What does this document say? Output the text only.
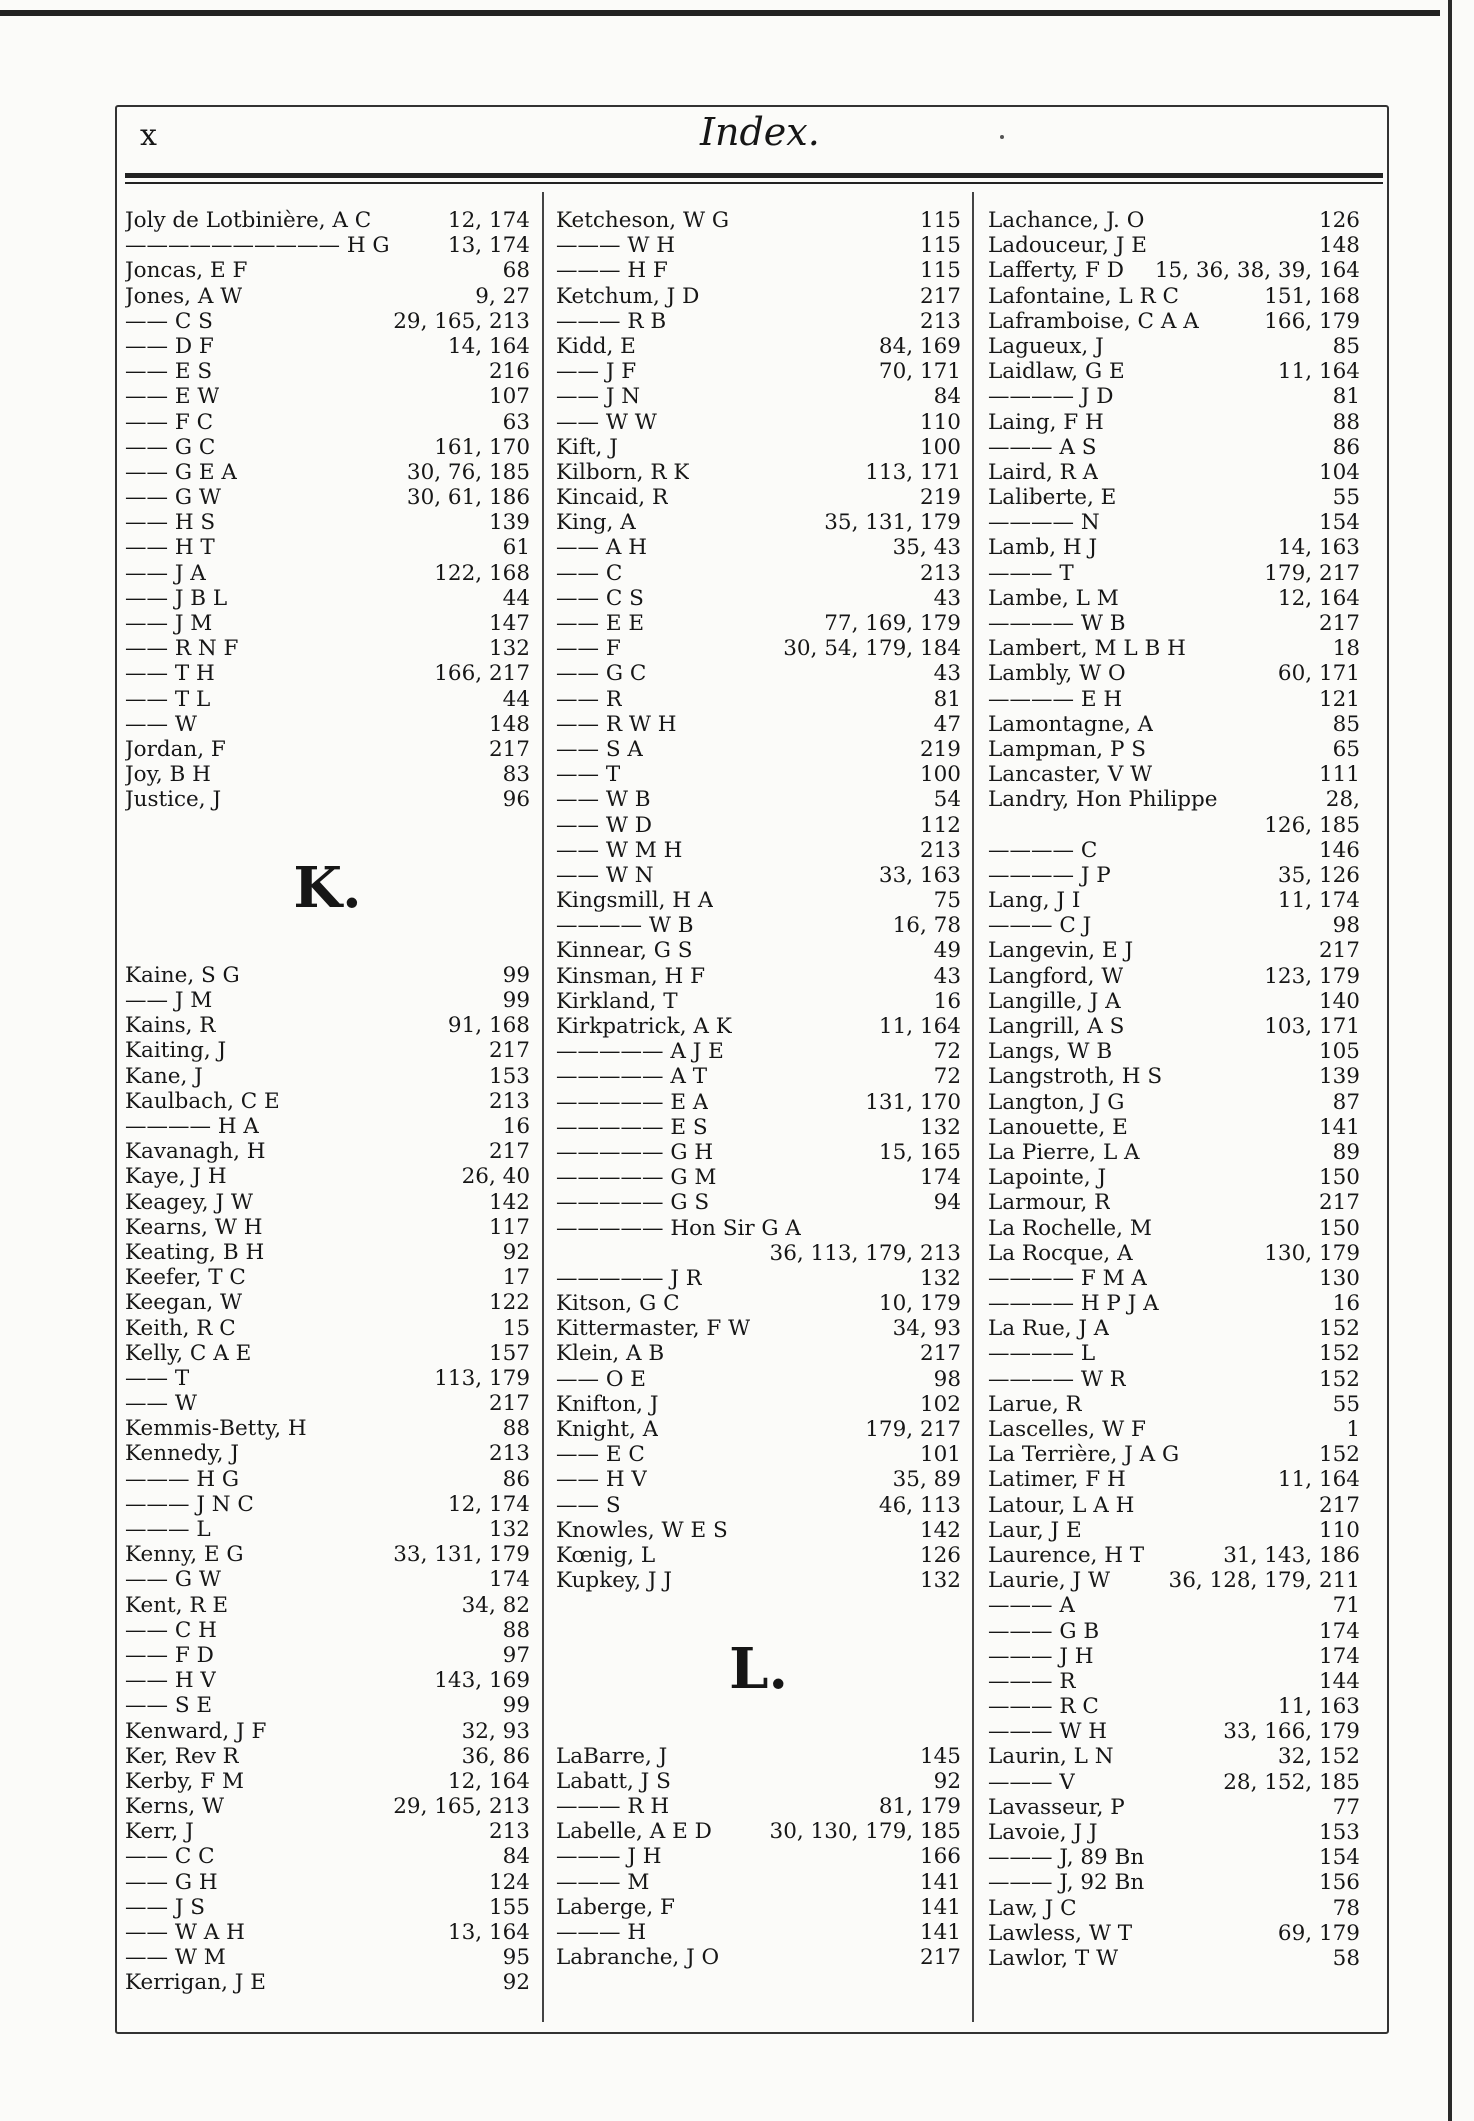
x	Index.
Joly de Lotbinière, A C	12, 174
—————————— H G	13, 174
Joncas, E F	68
Jones, A W	9, 27
—— C S	29, 165, 213
—— D F	14, 164
—— E S	216
—— E W	107
—— F C	63
—— G C	161, 170
—— G E A	30, 76, 185
—— G W	30, 61, 186
—— H S	139
—— H T	61
—— J A	122, 168
—— J B L	44
—— J M	147
—— R N F	132
—— T H	166, 217
—— T L	44
—— W	148
Jordan, F	217
Joy, B H	83
Justice, J	96
K.
Kaine, S G	99
—— J M	99
Kains, R	91, 168
Kaiting, J	217
Kane, J	153
Kaulbach, C E	213
———— H A	16
Kavanagh, H	217
Kaye, J H	26, 40
Keagey, J W	142
Kearns, W H	117
Keating, B H	92
Keefer, T C	17
Keegan, W	122
Keith, R C	15
Kelly, C A E	157
—— T	113, 179
—— W	217
Kemmis-Betty, H	88
Kennedy, J	213
——— H G	86
——— J N C	12, 174
——— L	132
Kenny, E G	33, 131, 179
—— G W	174
Kent, R E	34, 82
—— C H	88
—— F D	97
—— H V	143, 169
—— S E	99
Kenward, J F	32, 93
Ker, Rev R	36, 86
Kerby, F M	12, 164
Kerns, W	29, 165, 213
Kerr, J	213
—— C C	84
—— G H	124
—— J S	155
—— W A H	13, 164
—— W M	95
Kerrigan, J E	92
Ketcheson, W G	115
——— W H	115
——— H F	115
Ketchum, J D	217
——— R B	213
Kidd, E	84, 169
—— J F	70, 171
—— J N	84
—— W W	110
Kift, J	100
Kilborn, R K	113, 171
Kincaid, R	219
King, A	35, 131, 179
—— A H	35, 43
—— C	213
—— C S	43
—— E E	77, 169, 179
—— F	30, 54, 179, 184
—— G C	43
—— R	81
—— R W H	47
—— S A	219
—— T	100
—— W B	54
—— W D	112
—— W M H	213
—— W N	33, 163
Kingsmill, H A	75
———— W B	16, 78
Kinnear, G S	49
Kinsman, H F	43
Kirkland, T	16
Kirkpatrick, A K	11, 164
————— A J E	72
————— A T	72
————— E A	131, 170
————— E S	132
————— G H	15, 165
————— G M	174
————— G S	94
————— Hon Sir G A
36, 113, 179, 213
————— J R	132
Kitson, G C	10, 179
Kittermaster, F W	34, 93
Klein, A B	217
—— O E	98
Knifton, J	102
Knight, A	179, 217
—— E C	101
—— H V	35, 89
—— S	46, 113
Knowles, W E S	142
Kœnig, L	126
Kupkey, J J	132
L.
LaBarre, J	145
Labatt, J S	92
——— R H	81, 179
Labelle, A E D	30, 130, 179, 185
——— J H	166
——— M	141
Laberge, F	141
——— H	141
Labranche, J O	217
Lachance, J. O	126
Ladouceur, J E	148
Lafferty, F D 15, 36, 38, 39, 164
Lafontaine, L R C	151, 168
Laframboise, C A A	166, 179
Lagueux, J	85
Laidlaw, G E	11, 164
———— J D	81
Laing, F H	88
——— A S	86
Laird, R A	104
Laliberte, E	55
———— N	154
Lamb, H J	14, 163
——— T	179, 217
Lambe, L M	12, 164
———— W B	217
Lambert, M L B H	18
Lambly, W O	60, 171
———— E H	121
Lamontagne, A	85
Lampman, P S	65
Lancaster, V W	111
Landry, Hon Philippe	28,
126, 185
———— C	146
———— J P	35, 126
Lang, J I	11, 174
——— C J	98
Langevin, E J	217
Langford, W	123, 179
Langille, J A	140
Langrill, A S	103, 171
Langs, W B	105
Langstroth, H S	139
Langton, J G	87
Lanouette, E	141
La Pierre, L A	89
Lapointe, J	150
Larmour, R	217
La Rochelle, M	150
La Rocque, A	130, 179
———— F M A	130
———— H P J A	16
La Rue, J A	152
———— L	152
———— W R	152
Larue, R	55
Lascelles, W F	1
La Terrière, J A G	152
Latimer, F H	11, 164
Latour, L A H	217
Laur, J E	110
Laurence, H T	31, 143, 186
Laurie, J W	36, 128, 179, 211
——— A	71
——— G B	174
——— J H	174
——— R	144
——— R C	11, 163
——— W H	33, 166, 179
Laurin, L N	32, 152
——— V	28, 152, 185
Lavasseur, P	77
Lavoie, J J	153
——— J, 89 Bn	154
——— J, 92 Bn	156
Law, J C	78
Lawless, W T	69, 179
Lawlor, T W	58
